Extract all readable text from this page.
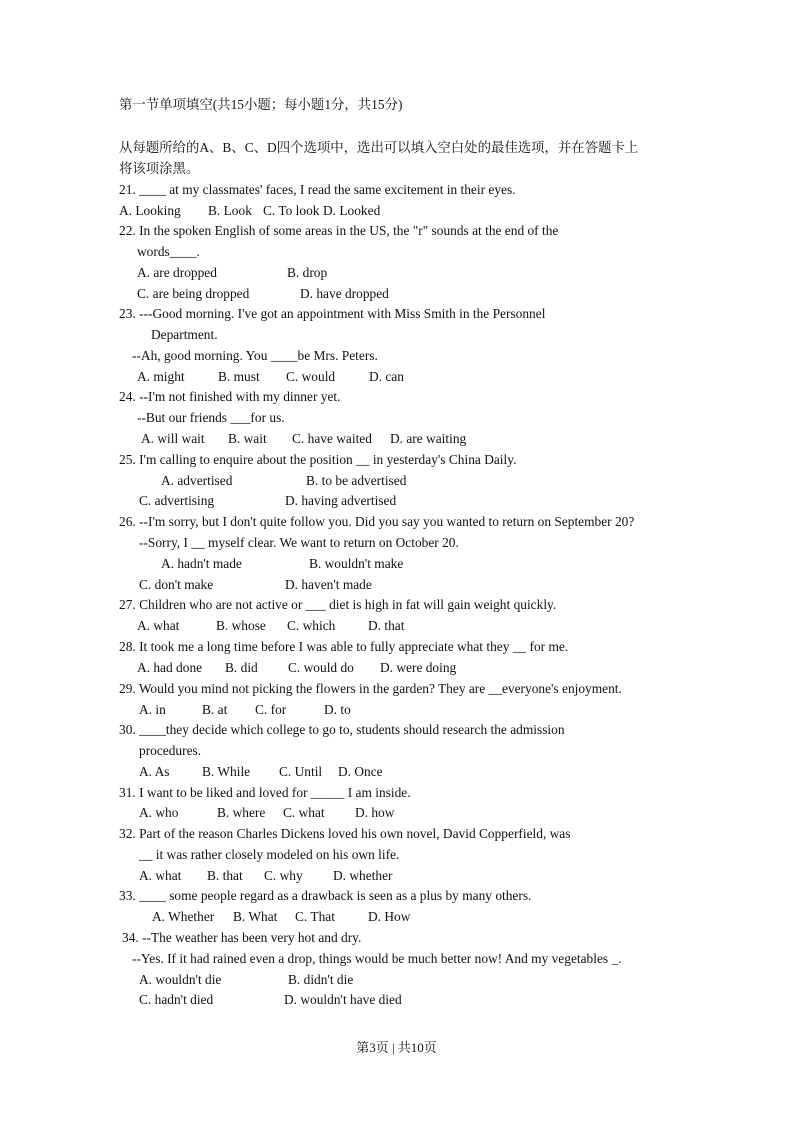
第一节单项填空(共15小题；每小题1分，共15分)
从每题所给的A、B、C、D四个选项中，选出可以填入空白处的最佳选项，并在答题卡上
将该项涂黑。
21. ____ at my classmates' faces, I read the same excitement in their eyes.
A. Looking B. Look C. To look D. Looked
22. In the spoken English of some areas in the US, the "r" sounds at the end of the
words____.
A. are dropped	B. drop
C. are being dropped	D. have dropped
23. ---Good morning. I've got an appointment with Miss Smith in the Personnel
Department.
--Ah, good morning. You ____be Mrs. Peters.
A. might B. must C. would	D. can
24. --I'm not finished with my dinner yet.
--But our friends ___for us.
A. will wait B. wait C. have waited D. are waiting
25. I'm calling to enquire about the position __ in yesterday's China Daily.
A. advertised	B. to be advertised
C. advertising	D. having advertised
26. --I'm sorry, but I don't quite follow you. Did you say you wanted to return on September 20?
--Sorry, I __ myself clear. We want to return on October 20.
A. hadn't made	B. wouldn't make
C. don't make	D. haven't made
27. Children who are not active or ___ diet is high in fat will gain weight quickly.
A. what	B. whose C. which D. that
28. It took me a long time before I was able to fully appreciate what they __ for me.
A. had done B. did C. would do D. were doing
29. Would you mind not picking the flowers in the garden? They are __everyone's enjoyment.
A. in	B. at C. for	D. to
30. ____they decide which college to go to, students should research the admission
procedures.
A. As B. While C. Until D. Once
31. I want to be liked and loved for _____ I am inside.
A. who	B. where C. what D. how
32. Part of the reason Charles Dickens loved his own novel, David Copperfield, was
__ it was rather closely modeled on his own life.
A. what B. that C. why D. whether
33. ____ some people regard as a drawback is seen as a plus by many others.
A. Whether B. What C. That D. How
34. --The weather has been very hot and dry.
--Yes. If it had rained even a drop, things would be much better now! And my vegetables _.
A. wouldn't die	B. didn't die
C. hadn't died	D. wouldn't have died
第3页 | 共10页
